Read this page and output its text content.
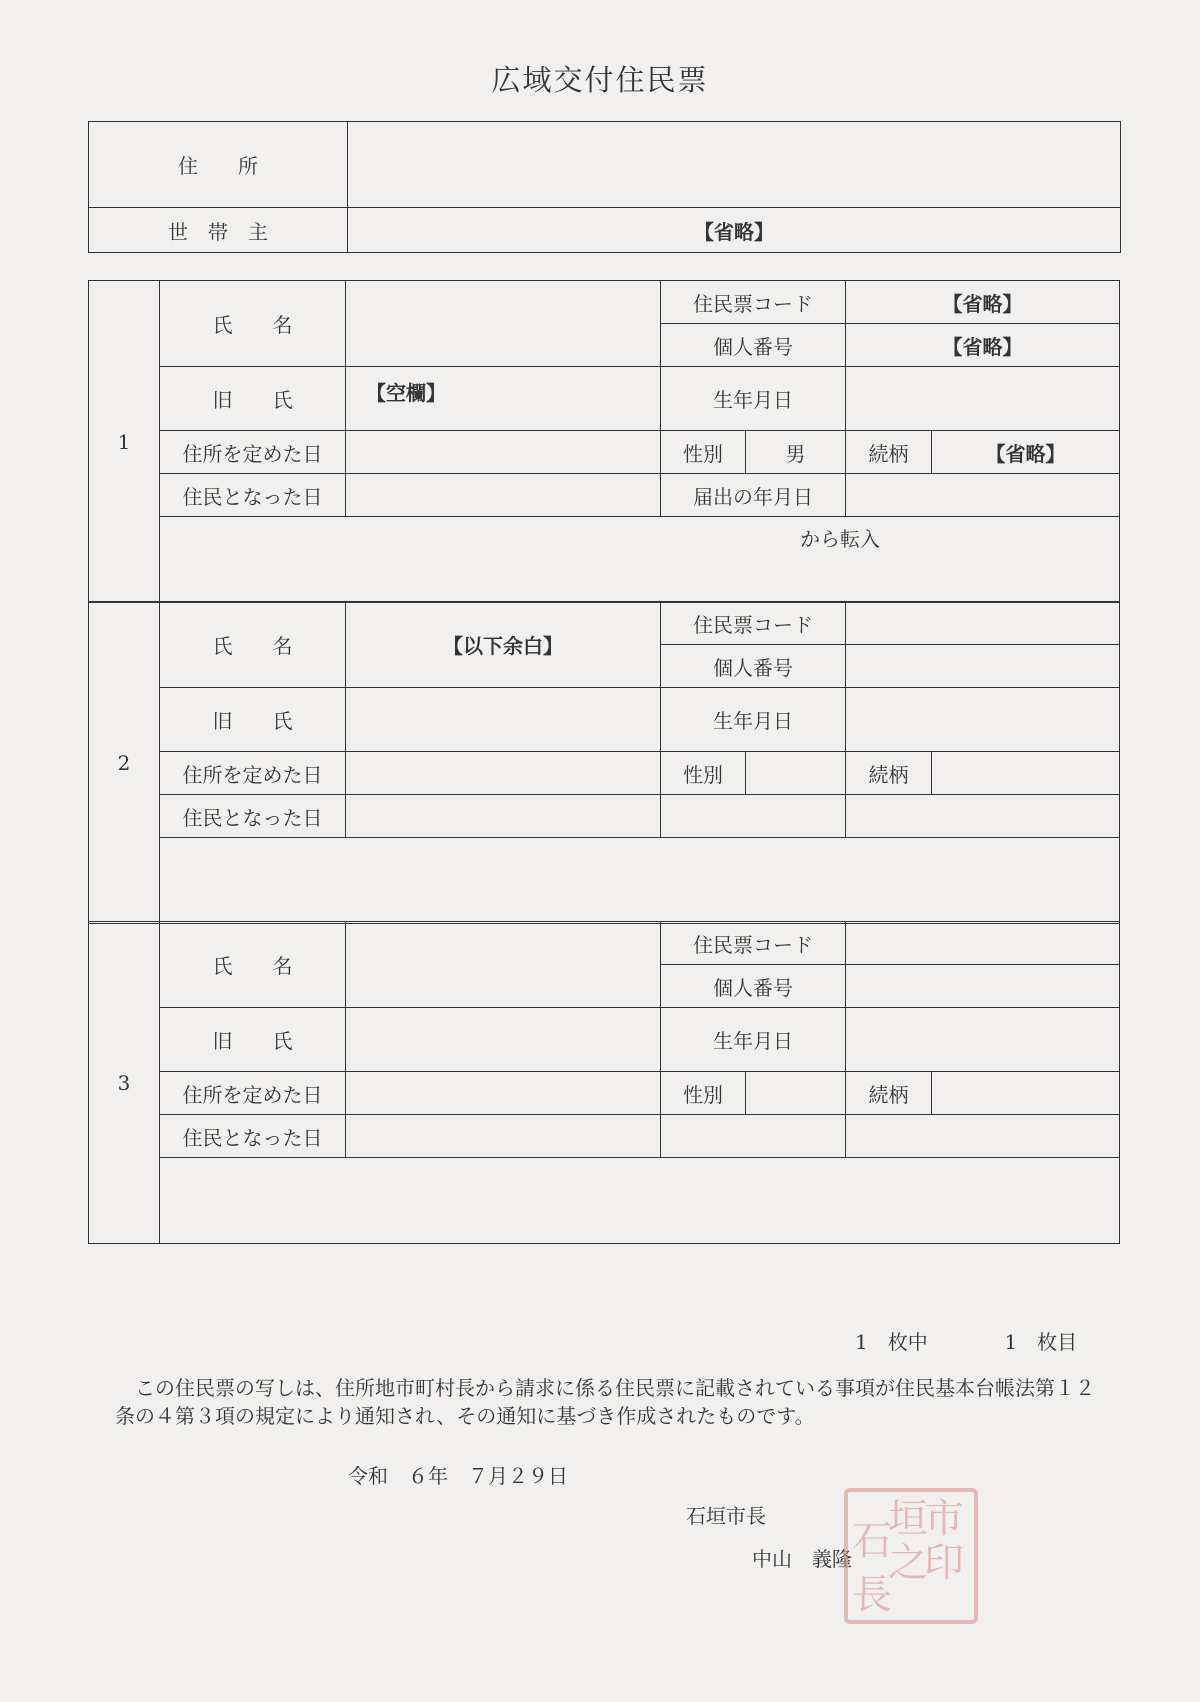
広域交付住民票
住　　所	
世　帯　主	【省略】
1	氏　　名		住民票コード		【省略】	
			個人番号		【省略】	
	旧　　氏	【空欄】	生年月日			
	住所を定めた日		性別	男	続柄	【省略】
	住民となった日		届出の年月日			

	から転入					
2	氏　　名	【以下余白】	住民票コード			
			個人番号			
	旧　　氏		生年月日			
	住所を定めた日		性別		続柄	
	住民となった日					

3	氏　　名		住民票コード			
			個人番号			
	旧　　氏		生年月日			
	住所を定めた日		性別		続柄	
	住民となった日					

1　枚中	1　枚目
この住民票の写しは、住所地市町村長から請求に係る住民票に記載されている事項が住民基本台帳法第１２条の４第３項の規定により通知され、その通知に基づき作成されたものです。
令和　６年　７月２９日
石垣市長
中山　義隆
市
印
垣
之
石
長
